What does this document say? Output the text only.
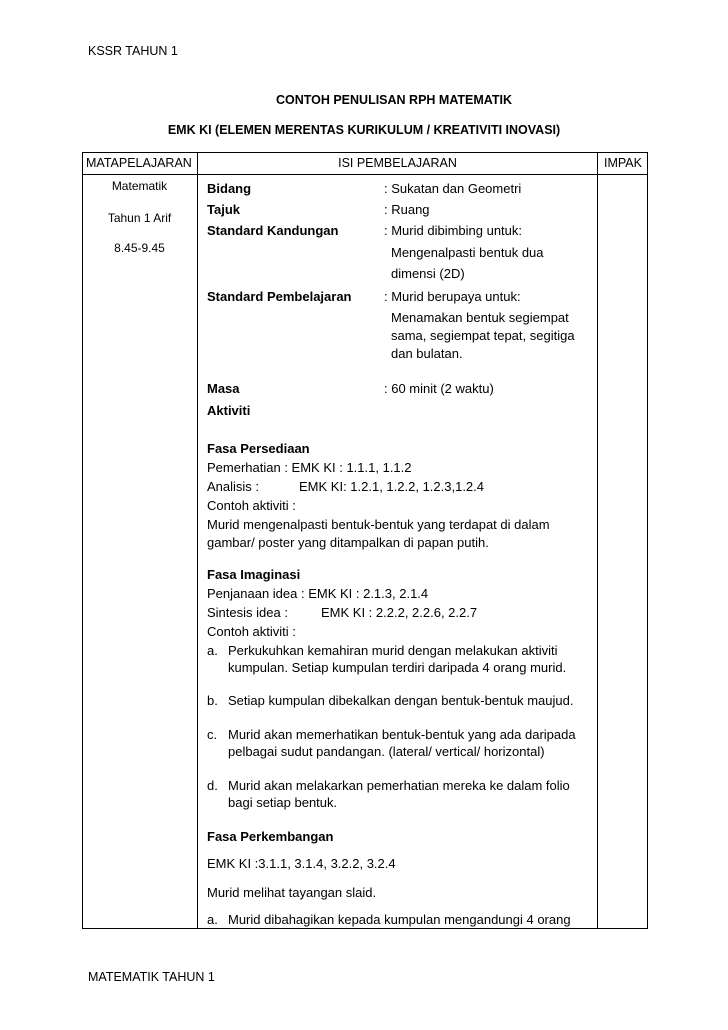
KSSR TAHUN 1
CONTOH PENULISAN RPH MATEMATIK
EMK KI (ELEMEN MERENTAS KURIKULUM / KREATIVITI INOVASI)
MATAPELAJARAN	ISI PEMBELAJARAN	IMPAK
Matematik
Tahun 1 Arif
8.45-9.45
Bidang	: Sukatan dan Geometri
Tajuk	: Ruang
Standard Kandungan	: Murid dibimbing untuk:
Mengenalpasti bentuk dua
dimensi (2D)
Standard Pembelajaran	: Murid berupaya untuk:
Menamakan bentuk segiempat
sama, segiempat tepat, segitiga
dan bulatan.
Masa	: 60 minit (2 waktu)
Aktiviti
Fasa Persediaan
Pemerhatian : EMK KI : 1.1.1, 1.1.2
Analisis :	EMK KI: 1.2.1, 1.2.2, 1.2.3,1.2.4
Contoh aktiviti :
Murid mengenalpasti bentuk-bentuk yang terdapat di dalam
gambar/ poster yang ditampalkan di papan putih.
Fasa Imaginasi
Penjanaan idea : EMK KI : 2.1.3, 2.1.4
Sintesis idea :	EMK KI : 2.2.2, 2.2.6, 2.2.7
Contoh aktiviti :
a. Perkukuhkan kemahiran murid dengan melakukan aktiviti
kumpulan. Setiap kumpulan terdiri daripada 4 orang murid.
b. Setiap kumpulan dibekalkan dengan bentuk-bentuk maujud.
c. Murid akan memerhatikan bentuk-bentuk yang ada daripada
pelbagai sudut pandangan. (lateral/ vertical/ horizontal)
d. Murid akan melakarkan pemerhatian mereka ke dalam folio
bagi setiap bentuk.
Fasa Perkembangan
EMK KI :3.1.1, 3.1.4, 3.2.2, 3.2.4
Murid melihat tayangan slaid.
a. Murid dibahagikan kepada kumpulan mengandungi 4 orang
MATEMATIK TAHUN 1
